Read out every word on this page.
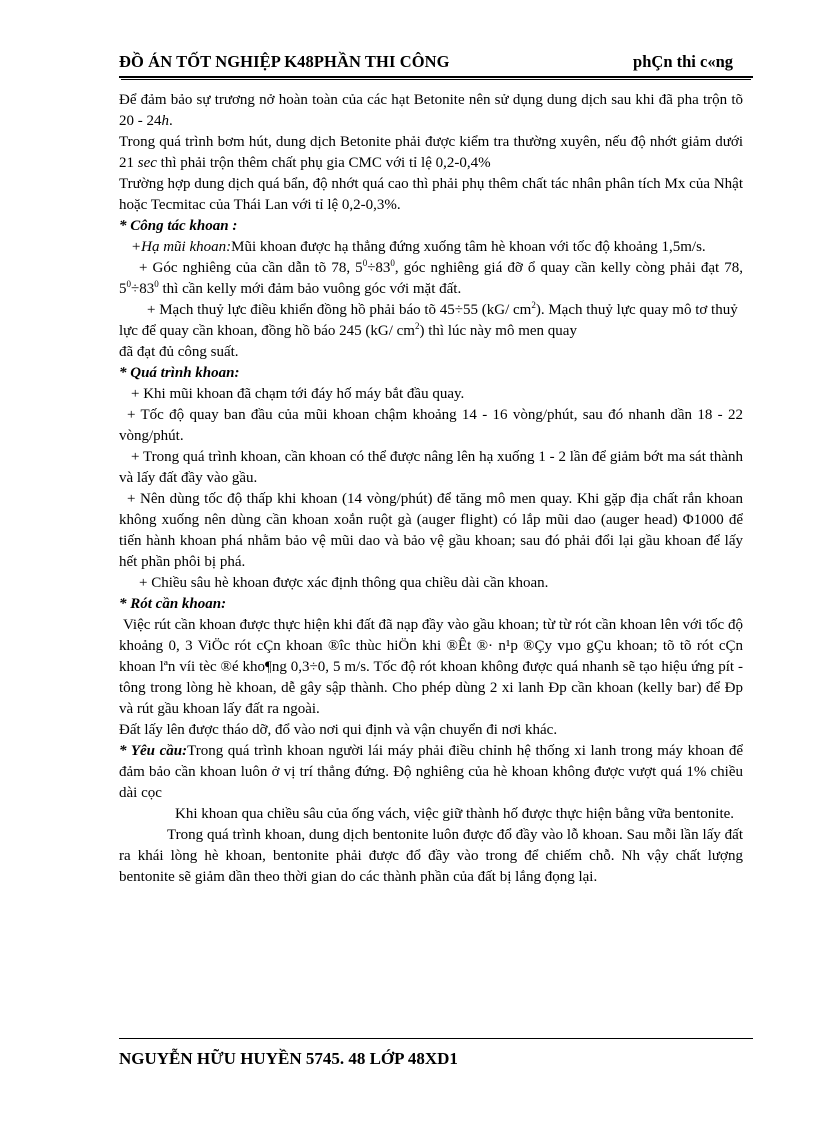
ĐỒ ÁN TỐT NGHIỆP K48PHẦN THI CÔNG	phÇn thi c«ng

Để đảm bảo sự trương nở hoàn toàn của các hạt Betonite nên sử dụng dung dịch sau khi đã pha trộn tõ 20 - 24h.

Trong quá trình bơm hút, dung dịch Betonite phải được kiểm tra thường xuyên, nếu độ nhớt giảm dưới 21 sec thì phải trộn thêm chất phụ gia CMC với tỉ lệ 0,2-0,4%

Trường hợp dung dịch quá bẩn, độ nhớt quá cao thì phải phụ thêm chất tác nhân phân tích Mx của Nhật hoặc Tecmitac của Thái Lan với tỉ lệ 0,2-0,3%.

* Công tác khoan :

+Hạ mũi khoan:Mũi khoan được hạ thẳng đứng xuống tâm hè khoan với tốc độ khoảng 1,5m/s.

+ Góc nghiêng của cần dẫn tõ 78, $5^0\div 83^0$, góc nghiêng giá đỡ ổ quay cần kelly còng phải đạt 78, $5^0\div 83^0$ thì cần kelly mới đảm bảo vuông góc với mặt đất.

+ Mạch thuỷ lực điều khiển đồng hồ phải báo tõ 45÷55 (kG/ $cm^2$). Mạch thuỷ lực quay mô tơ thuỷ lực để quay cần khoan, đồng hồ báo 245 (kG/ $cm^2$) thì lúc này mô men quay

đã đạt đủ công suất.

* Quá trình khoan:

+ Khi mũi khoan đã chạm tới đáy hố máy bắt đầu quay.

+ Tốc độ quay ban đầu của mũi khoan chậm khoảng 14 - 16 vòng/phút, sau đó nhanh dần 18 - 22 vòng/phút.

+ Trong quá trình khoan, cần khoan có thể được nâng lên hạ xuống 1 - 2 lần để giảm bớt ma sát thành và lấy đất đầy vào gầu.

+ Nên dùng tốc độ thấp khi khoan (14 vòng/phút) để tăng mô men quay. Khi gặp địa chất rắn khoan không xuống nên dùng cần khoan xoắn ruột gà (auger flight) có lắp mũi dao (auger head) Φ1000 để tiến hành khoan phá nhằm bảo vệ mũi dao và bảo vệ gầu khoan; sau đó phải đổi lại gầu khoan để lấy hết phần phôi bị phá.

+ Chiều sâu hè khoan được xác định thông qua chiều dài cần khoan.

* Rót cần khoan:

Việc rút cần khoan được thực hiện khi đất đã nạp đầy vào gầu khoan; từ từ rót cần khoan lên với tốc độ khoảng 0, 3 ViÖc rót cÇn khoan ®îc thùc hiÖn khi ®Êt ®· n¹p ®Çy vµo gÇu khoan; tõ tõ rót cÇn khoan lªn víi tèc ®é kho¶ng 0,3÷0, 5 m/s. Tốc độ rót khoan không được quá nhanh sẽ tạo hiệu ứng pít - tông trong lòng hè khoan, dễ gây sập thành. Cho phép dùng 2 xi lanh Đp cần khoan (kelly bar) để Đp và rút gầu khoan lấy đất ra ngoài.

Đất lấy lên được tháo dỡ, đổ vào nơi qui định và vận chuyển đi nơi khác.

* Yêu cầu:Trong quá trình khoan người lái máy phải điều chỉnh hệ thống xi lanh trong máy khoan để đảm bảo cần khoan luôn ở vị trí thẳng đứng. Độ nghiêng của hè khoan không được vượt quá 1% chiều dài cọc

Khi khoan qua chiều sâu của ống vách, việc giữ thành hố được thực hiện bằng vữa bentonite.

Trong quá trình khoan, dung dịch bentonite luôn được đổ đầy vào lỗ khoan. Sau mỗi lần lấy đất ra khái lòng hè khoan, bentonite phải được đổ đầy vào trong để chiếm chỗ. Nh vậy chất lượng bentonite sẽ giảm dần theo thời gian do các thành phần của đất bị lắng đọng lại.

NGUYỄN HỮU HUYỀN 5745. 48 LỚP 48XD1
